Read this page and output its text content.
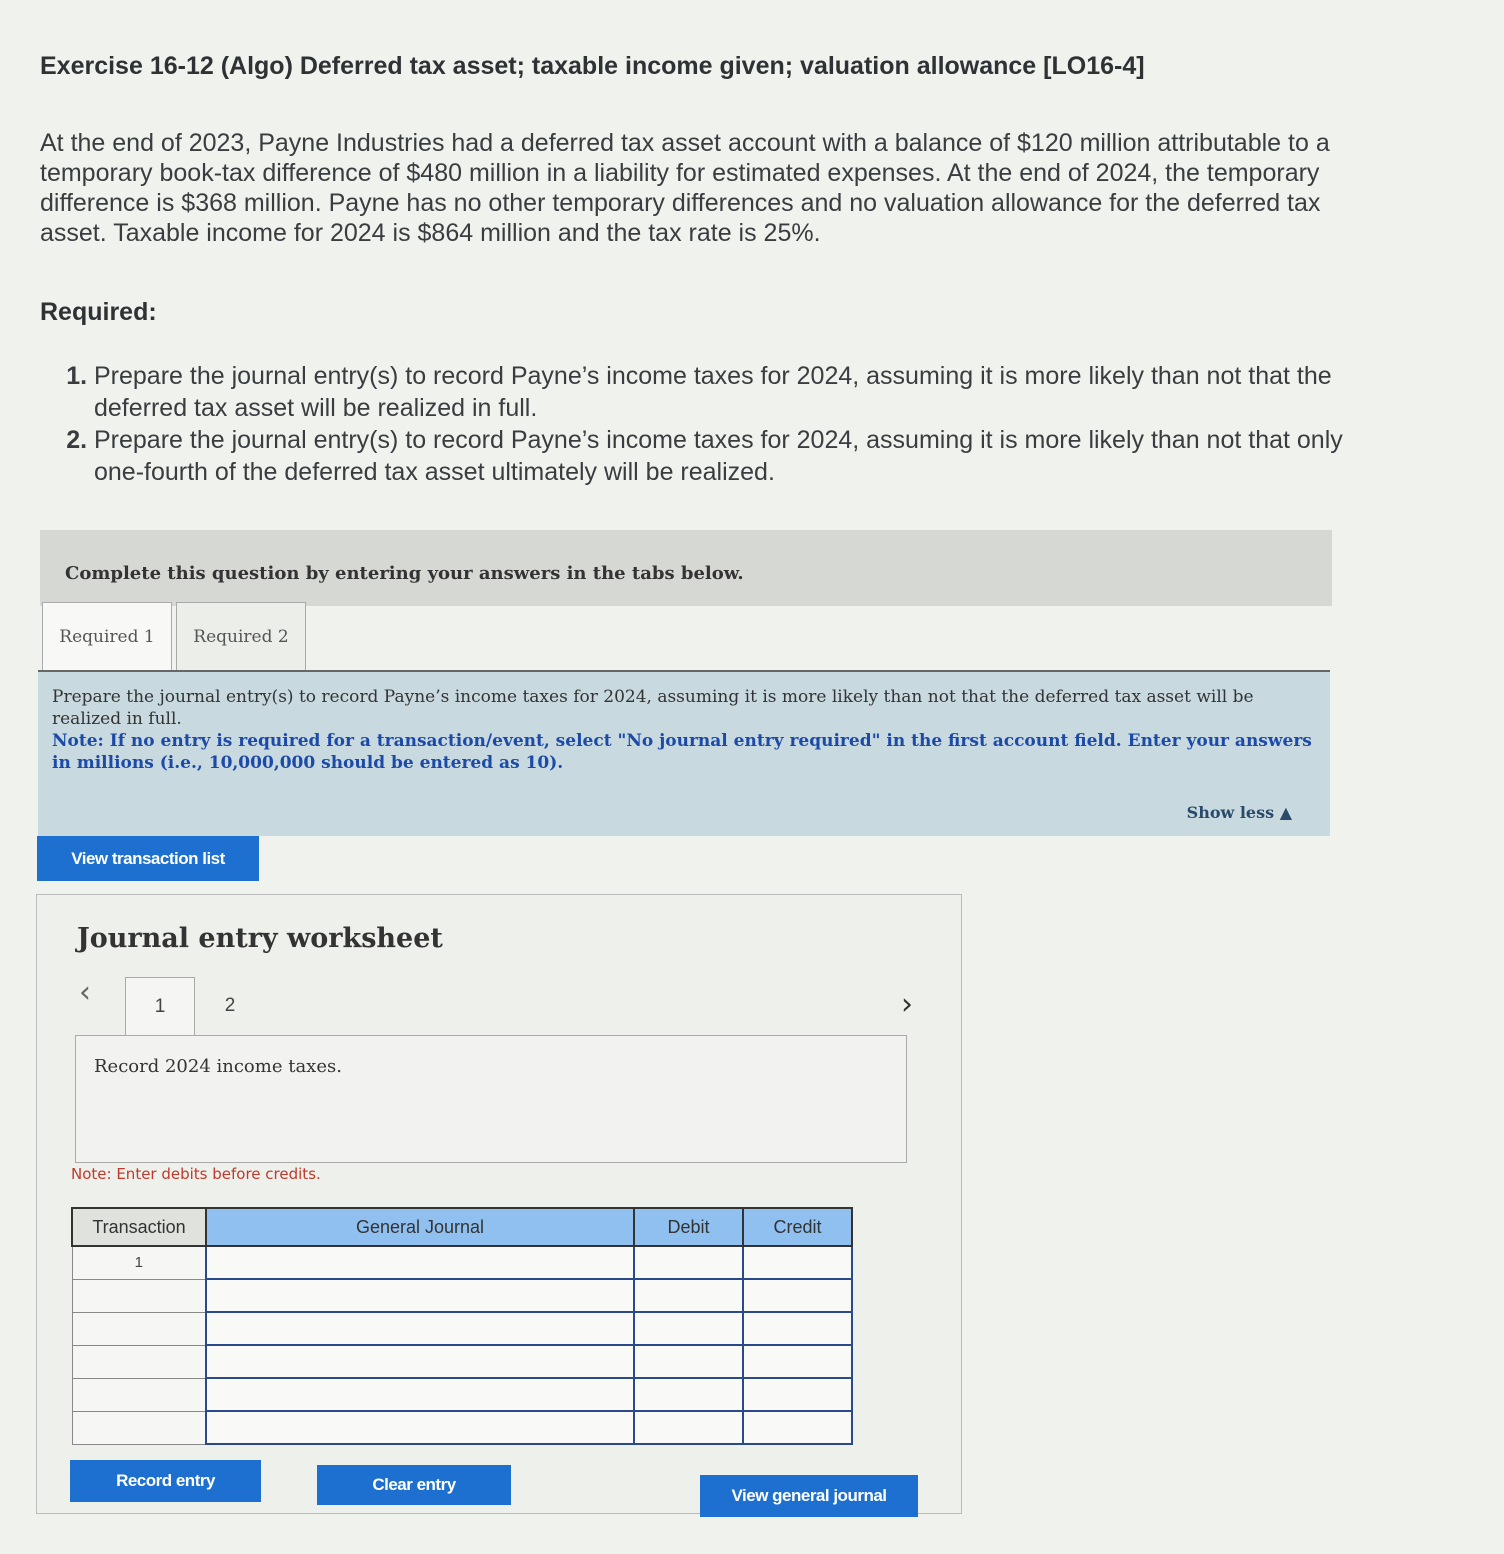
Exercise 16-12 (Algo) Deferred tax asset; taxable income given; valuation allowance [LO16-4]

At the end of 2023, Payne Industries had a deferred tax asset account with a balance of $120 million attributable to a temporary book-tax difference of $480 million in a liability for estimated expenses. At the end of 2024, the temporary difference is $368 million. Payne has no other temporary differences and no valuation allowance for the deferred tax asset. Taxable income for 2024 is $864 million and the tax rate is 25%.

Required:
1. Prepare the journal entry(s) to record Payne’s income taxes for 2024, assuming it is more likely than not that the deferred tax asset will be realized in full.
2. Prepare the journal entry(s) to record Payne’s income taxes for 2024, assuming it is more likely than not that only one-fourth of the deferred tax asset ultimately will be realized.
Complete this question by entering your answers in the tabs below.
Required 1	Required 2
Prepare the journal entry(s) to record Payne’s income taxes for 2024, assuming it is more likely than not that the deferred tax asset will be realized in full.
Note: If no entry is required for a transaction/event, select "No journal entry required" in the first account field. Enter your answers in millions (i.e., 10,000,000 should be entered as 10).
Show less ▲
View transaction list
Journal entry worksheet
‹	1	2	›
Record 2024 income taxes.
Note: Enter debits before credits.
Transaction	General Journal	Debit	Credit
1			

Record entry	Clear entry
View general journal
